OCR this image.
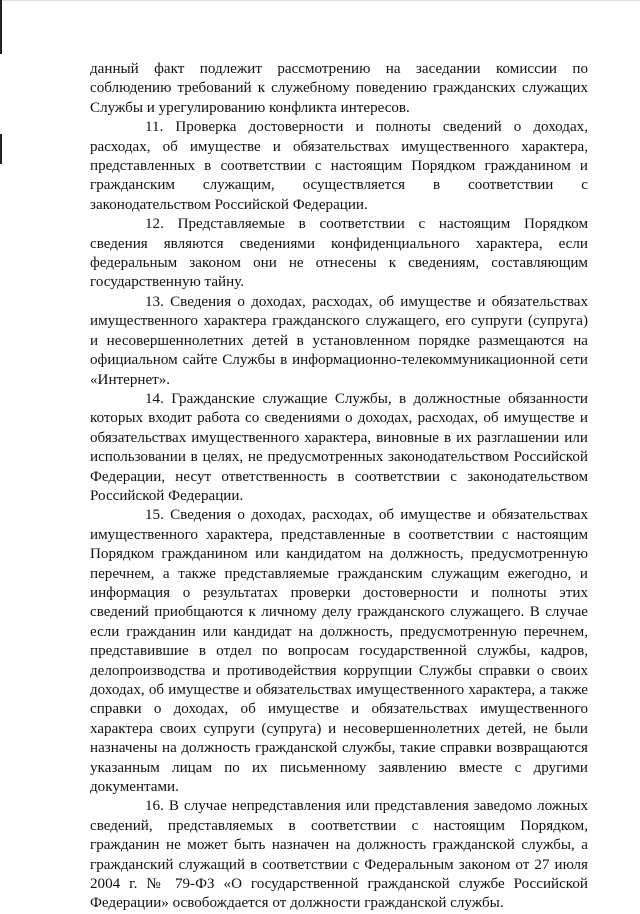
данный факт подлежит рассмотрению на заседании комиссии по соблюдению требований к служебному поведению гражданских служащих Службы и урегулированию конфликта интересов.

11. Проверка достоверности и полноты сведений о доходах, расходах, об имуществе и обязательствах имущественного характера, представленных в соответствии с настоящим Порядком гражданином и гражданским служащим, осуществляется в соответствии с законодательством Российской Федерации.

12. Представляемые в соответствии с настоящим Порядком сведения являются сведениями конфиденциального характера, если федеральным законом они не отнесены к сведениям, составляющим государственную тайну.

13. Сведения о доходах, расходах, об имуществе и обязательствах имущественного характера гражданского служащего, его супруги (супруга) и несовершеннолетних детей в установленном порядке размещаются на официальном сайте Службы в информационно-телекоммуникационной сети «Интернет».

14. Гражданские служащие Службы, в должностные обязанности которых входит работа со сведениями о доходах, расходах, об имуществе и обязательствах имущественного характера, виновные в их разглашении или использовании в целях, не предусмотренных законодательством Российской Федерации, несут ответственность в соответствии с законодательством Российской Федерации.

15. Сведения о доходах, расходах, об имуществе и обязательствах имущественного характера, представленные в соответствии с настоящим Порядком гражданином или кандидатом на должность, предусмотренную перечнем, а также представляемые гражданским служащим ежегодно, и информация о результатах проверки достоверности и полноты этих сведений приобщаются к личному делу гражданского служащего. В случае если гражданин или кандидат на должность, предусмотренную перечнем, представившие в отдел по вопросам государственной службы, кадров, делопроизводства и противодействия коррупции Службы справки о своих доходах, об имуществе и обязательствах имущественного характера, а также справки о доходах, об имуществе и обязательствах имущественного характера своих супруги (супруга) и несовершеннолетних детей, не были назначены на должность гражданской службы, такие справки возвращаются указанным лицам по их письменному заявлению вместе с другими документами.

16. В случае непредставления или представления заведомо ложных сведений, представляемых в соответствии с настоящим Порядком, гражданин не может быть назначен на должность гражданской службы, а гражданский служащий в соответствии с Федеральным законом от 27 июля 2004 г. № 79-ФЗ «О государственной гражданской службе Российской Федерации» освобождается от должности гражданской службы.
